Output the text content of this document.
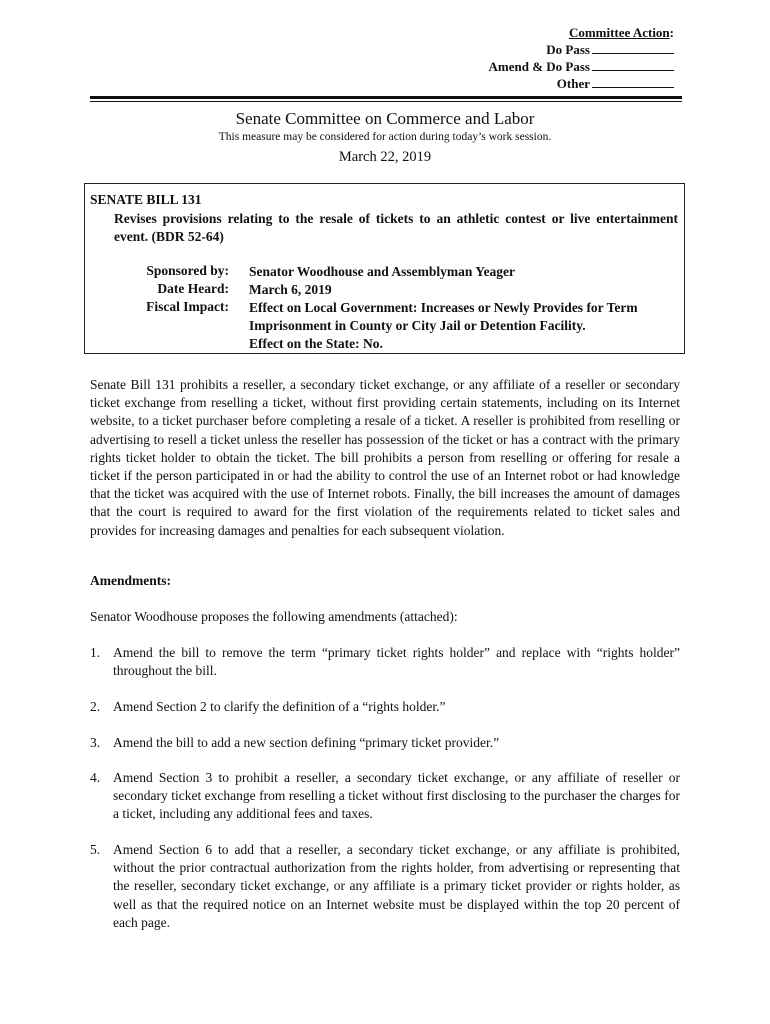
Committee Action:
Do Pass
Amend & Do Pass
Other
Senate Committee on Commerce and Labor
This measure may be considered for action during today’s work session.
March 22, 2019
SENATE BILL 131
Revises provisions relating to the resale of tickets to an athletic contest or live entertainment event. (BDR 52-64)
Sponsored by: Senator Woodhouse and Assemblyman Yeager
Date Heard: March 6, 2019
Fiscal Impact: Effect on Local Government: Increases or Newly Provides for Term Imprisonment in County or City Jail or Detention Facility.
Effect on the State: No.
Senate Bill 131 prohibits a reseller, a secondary ticket exchange, or any affiliate of a reseller or secondary ticket exchange from reselling a ticket, without first providing certain statements, including on its Internet website, to a ticket purchaser before completing a resale of a ticket. A reseller is prohibited from reselling or advertising to resell a ticket unless the reseller has possession of the ticket or has a contract with the primary rights ticket holder to obtain the ticket. The bill prohibits a person from reselling or offering for resale a ticket if the person participated in or had the ability to control the use of an Internet robot or had knowledge that the ticket was acquired with the use of Internet robots. Finally, the bill increases the amount of damages that the court is required to award for the first violation of the requirements related to ticket sales and provides for increasing damages and penalties for each subsequent violation.
Amendments:
Senator Woodhouse proposes the following amendments (attached):
1. Amend the bill to remove the term “primary ticket rights holder” and replace with “rights holder” throughout the bill.
2. Amend Section 2 to clarify the definition of a “rights holder.”
3. Amend the bill to add a new section defining “primary ticket provider.”
4. Amend Section 3 to prohibit a reseller, a secondary ticket exchange, or any affiliate of reseller or secondary ticket exchange from reselling a ticket without first disclosing to the purchaser the charges for a ticket, including any additional fees and taxes.
5. Amend Section 6 to add that a reseller, a secondary ticket exchange, or any affiliate is prohibited, without the prior contractual authorization from the rights holder, from advertising or representing that the reseller, secondary ticket exchange, or any affiliate is a primary ticket provider or rights holder, as well as that the required notice on an Internet website must be displayed within the top 20 percent of each page.
